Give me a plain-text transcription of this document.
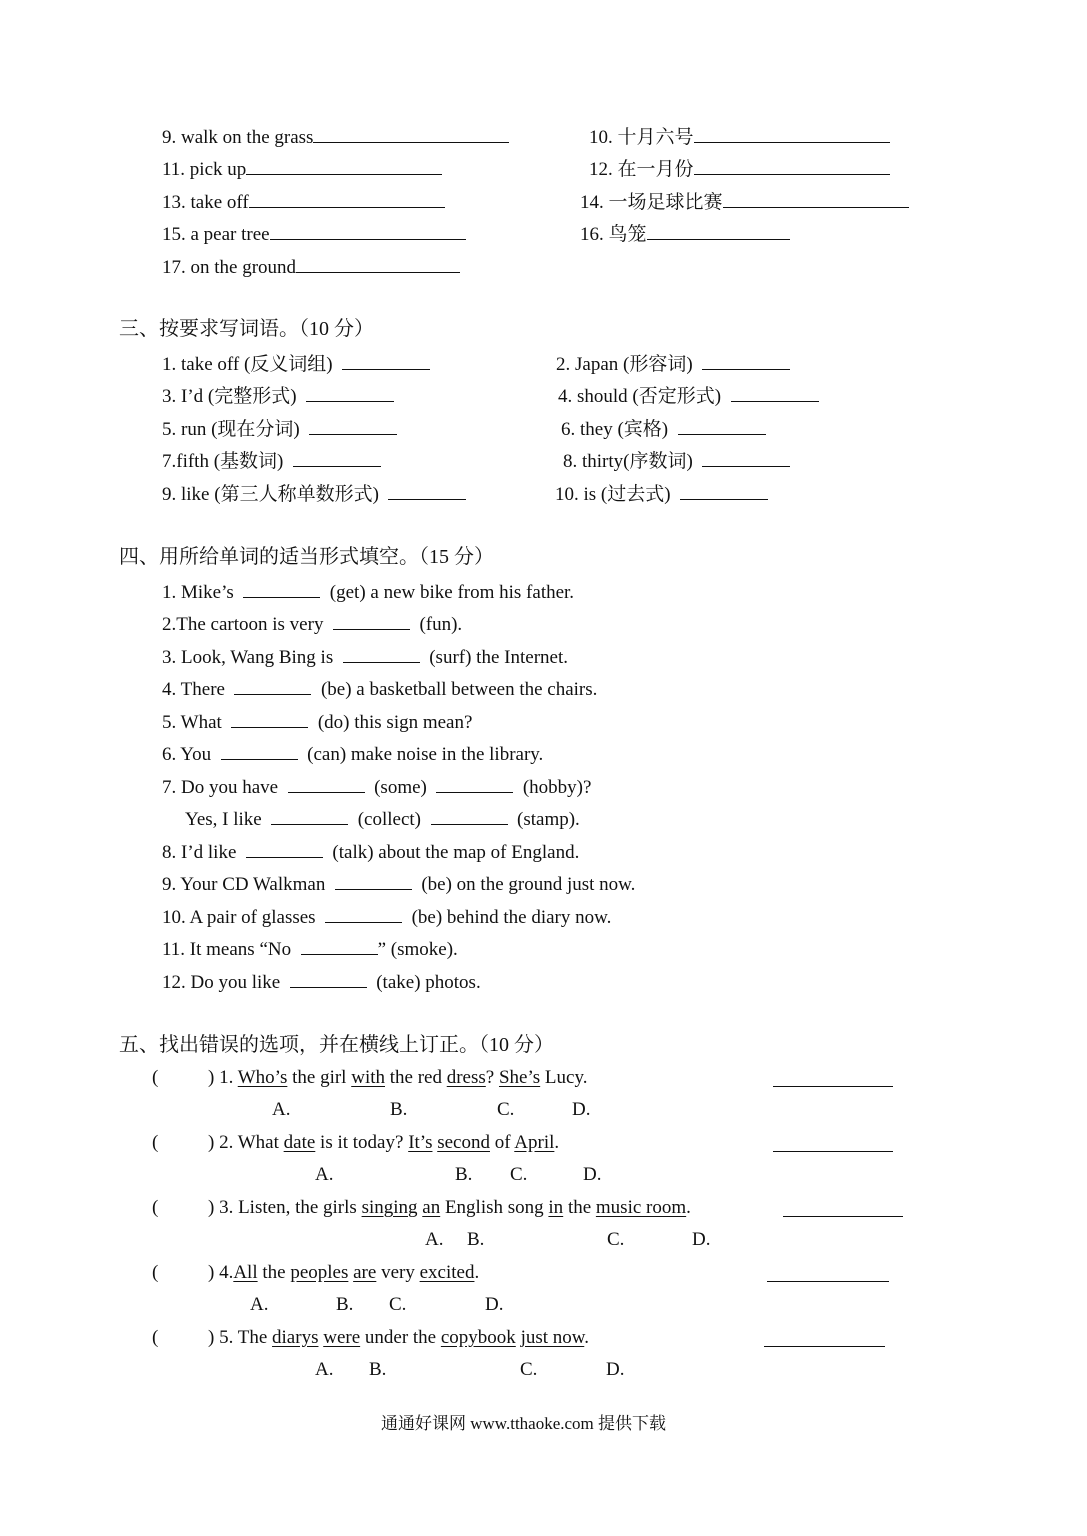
9. walk on the grass	10. 十月六号
11. pick up	12. 在一月份
13. take off	14. 一场足球比赛
15. a pear tree	16. 鸟笼
17. on the ground
三、按要求写词语。（10 分）
1. take off (反义词组)	2. Japan (形容词)
3. I’d (完整形式)	4. should (否定形式)
5. run (现在分词)	6. they (宾格)
7.fifth (基数词)	8. thirty(序数词)
9. like (第三人称单数形式)	10. is (过去式)
四、用所给单词的适当形式填空。（15 分）
1. Mike’s	(get) a new bike from his father.
2.The cartoon is very	(fun).
3. Look, Wang Bing is	(surf) the Internet.
4. There	(be) a basketball between the chairs.
5. What	(do) this sign mean?
6. You	(can) make noise in the library.
7. Do you have	(some)	(hobby)?
Yes, I like	(collect)	(stamp).
8. I’d like	(talk) about the map of England.
9. Your CD Walkman	(be) on the ground just now.
10. A pair of glasses	(be) behind the diary now.
11. It means “No	” (smoke).
12. Do you like	(take) photos.
五、找出错误的选项，并在横线上订正。（10 分）
(	) 1. Who’s the girl with the red dress? She’s Lucy.
A.	B.	C.	D.
(	) 2. What date is it today? It’s second of April.
A.	B. C.	D.
(	) 3. Listen, the girls singing an English song in the music room.
A. B.	C.	D.
(	) 4.All the peoples are very excited.
A.	B. C.	D.
(	) 5. The diarys were under the copybook just now.
A. B.	C.	D.
通通好课网 www.tthaoke.com 提供下载
